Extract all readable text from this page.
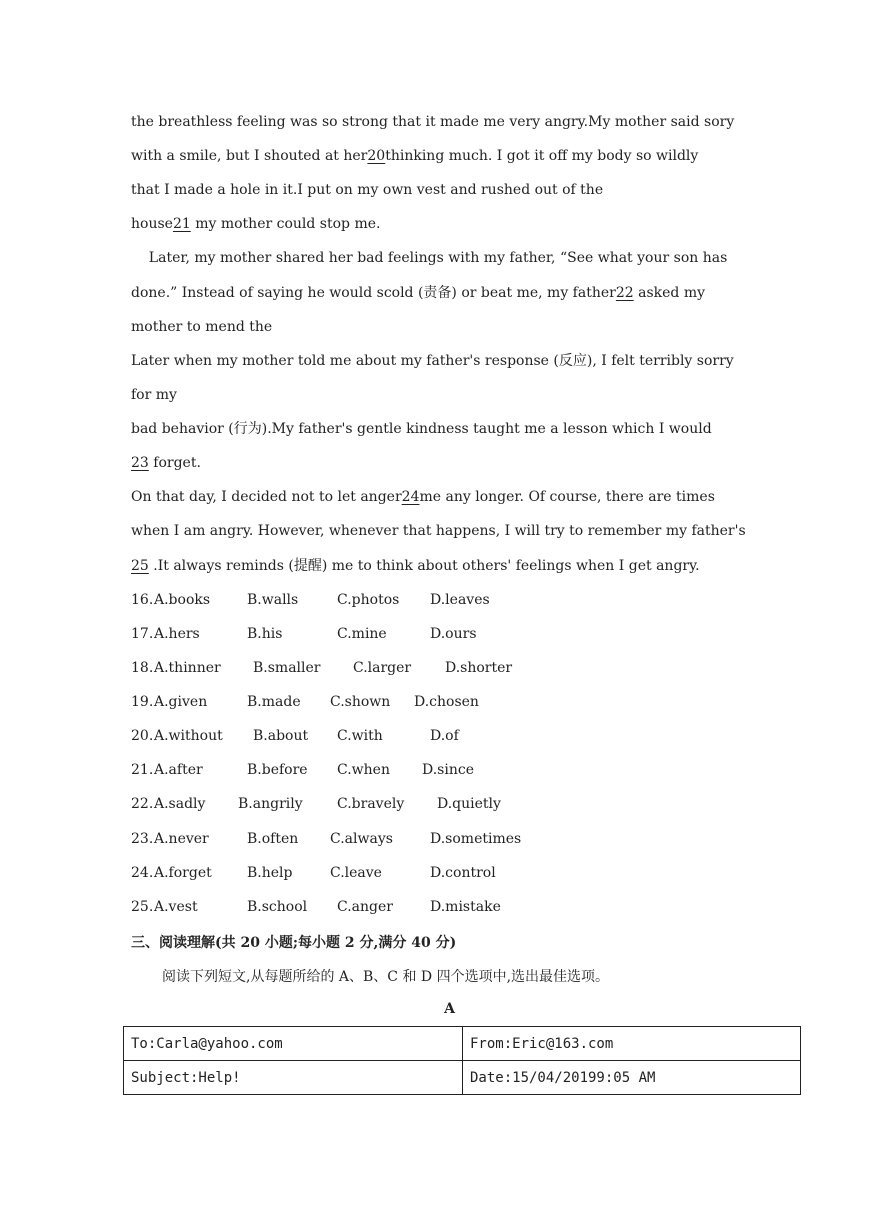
the breathless feeling was so strong that it made me very angry.My mother said sory
with a smile, but I shouted at her20thinking much. I got it off my body so wildly
that I made a hole in it.I put on my own vest and rushed out of the
house21 my mother could stop me.
Later, my mother shared her bad feelings with my father, “See what your son has
done.” Instead of saying he would scold (责备) or beat me, my father22 asked my
mother to mend the
Later when my mother told me about my father's response (反应), I felt terribly sorry
for my
bad behavior (行为).My father's gentle kindness taught me a lesson which I would
23 forget.
On that day, I decided not to let anger24me any longer. Of course, there are times
when I am angry. However, whenever that happens, I will try to remember my father's
25 .It always reminds (提醒) me to think about others' feelings when I get angry.
16. A.books	B.walls	C.photos D.leaves
17. A.hers	B.his	C.mine	D.ours
18. A.thinner B.smaller C.larger D.shorter
19. A.given	B.made C.shown D.chosen
20. A.without B.about C.with	D.of
21. A.after	B.before C.when D.since
22. A.sadly B.angrily C.bravely D.quietly
23. A.never	B.often C.always	D.sometimes
24. A.forget	B.help	C.leave	D.control
25. A.vest	B.school C.anger	D.mistake
三、阅读理解(共 20 小题;每小题 2 分,满分 40 分)
阅读下列短文,从每题所给的 A、B、C 和 D 四个选项中,选出最佳选项。
A
To:Carla@yahoo.com	From:Eric@163.com
Subject:Help!	Date:15/04/20199:05 AM
